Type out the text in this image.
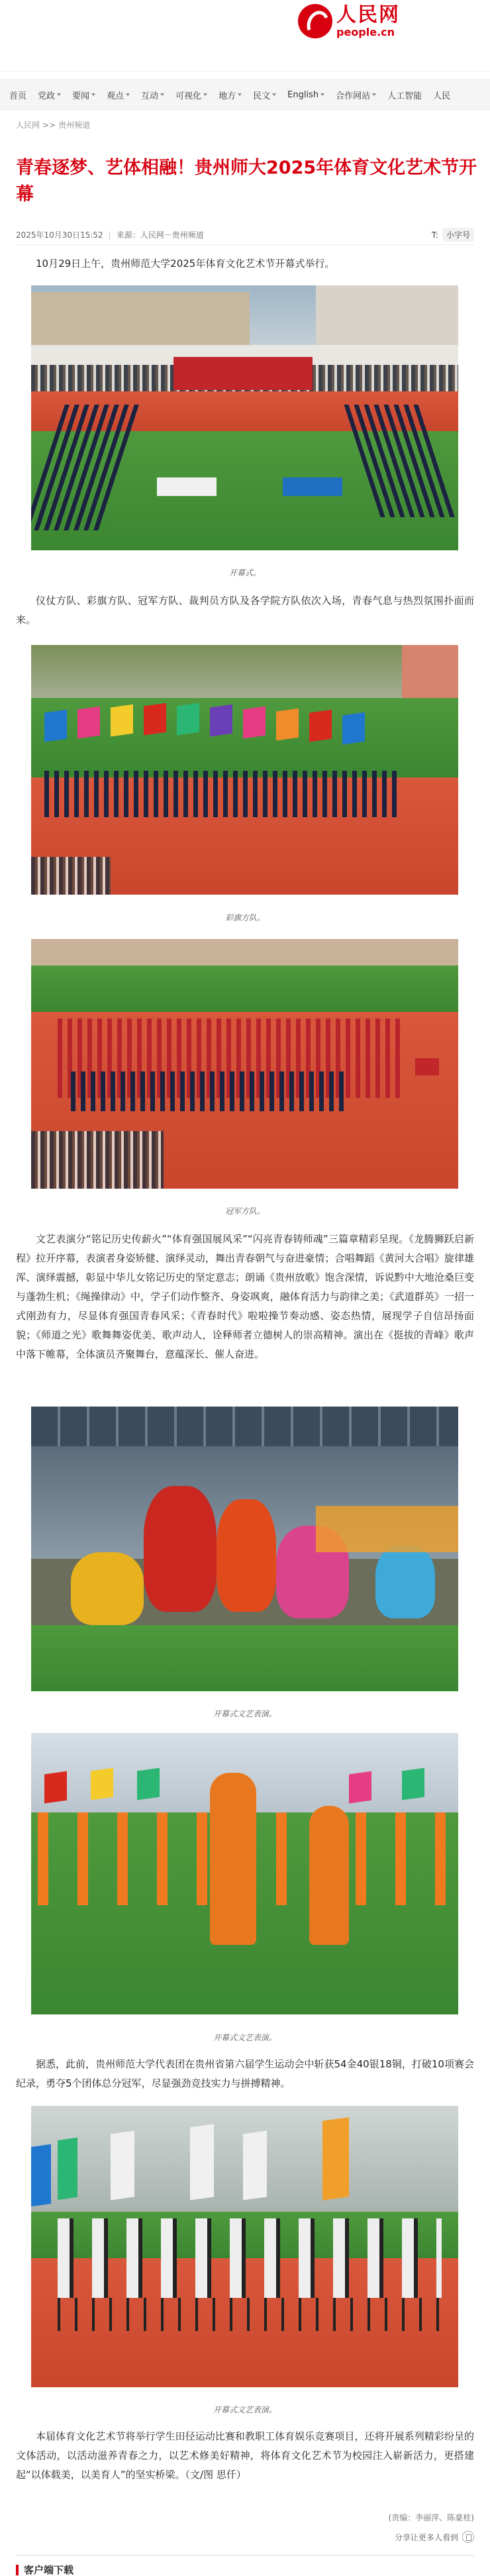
人民网
people.cn
首页 党政 要闻 观点 互动 可视化 地方 民文 English 合作网站 人工智能 人民
人民网 >> 贵州频道
青春逐梦、艺体相融！贵州师大2025年体育文化艺术节开幕
2025年10月30日15:52 | 来源：人民网－贵州频道	T:	小字号

10月29日上午，贵州师范大学2025年体育文化艺术节开幕式举行。

开幕式。

仪仗方队、彩旗方队、冠军方队、裁判员方队及各学院方队依次入场，青春气息与热烈氛围扑面而来。

彩旗方队。
冠军方队。

文艺表演分“铭记历史传薪火”“体育强国展风采”“闪亮青春铸师魂”三篇章精彩呈现。《龙腾狮跃启新程》拉开序幕，表演者身姿矫健、演绎灵动，舞出青春朝气与奋进豪情；合唱舞蹈《黄河大合唱》旋律雄浑、演绎震撼，彰显中华儿女铭记历史的坚定意志；朗诵《贵州放歌》饱含深情，诉说黔中大地沧桑巨变与蓬勃生机；《绳操律动》中，学子们动作整齐、身姿飒爽，融体育活力与韵律之美；《武道群英》一招一式刚劲有力，尽显体育强国青春风采；《青春时代》啦啦操节奏动感、姿态热情，展现学子自信昂扬面貌；《师道之光》歌舞舞姿优美、歌声动人，诠释师者立德树人的崇高精神。演出在《挺拔的青峰》歌声中落下帷幕，全体演员齐聚舞台，意蕴深长、催人奋进。

开幕式文艺表演。
开幕式文艺表演。

据悉，此前，贵州师范大学代表团在贵州省第六届学生运动会中斩获54金40银18铜，打破10项赛会纪录，勇夺5个团体总分冠军，尽显强劲竞技实力与拼搏精神。

开幕式文艺表演。

本届体育文化艺术节将举行学生田径运动比赛和教职工体育娱乐竞赛项目，还将开展系列精彩纷呈的文体活动，以活动滋养青春之力，以艺术修美好精神，将体育文化艺术节为校园注入崭新活力，更搭建起“以体载美，以美育人”的坚实桥梁。（文/图 思仟）

(责编：李丽萍、陈豪桂)
分享让更多人看到
客户端下载
